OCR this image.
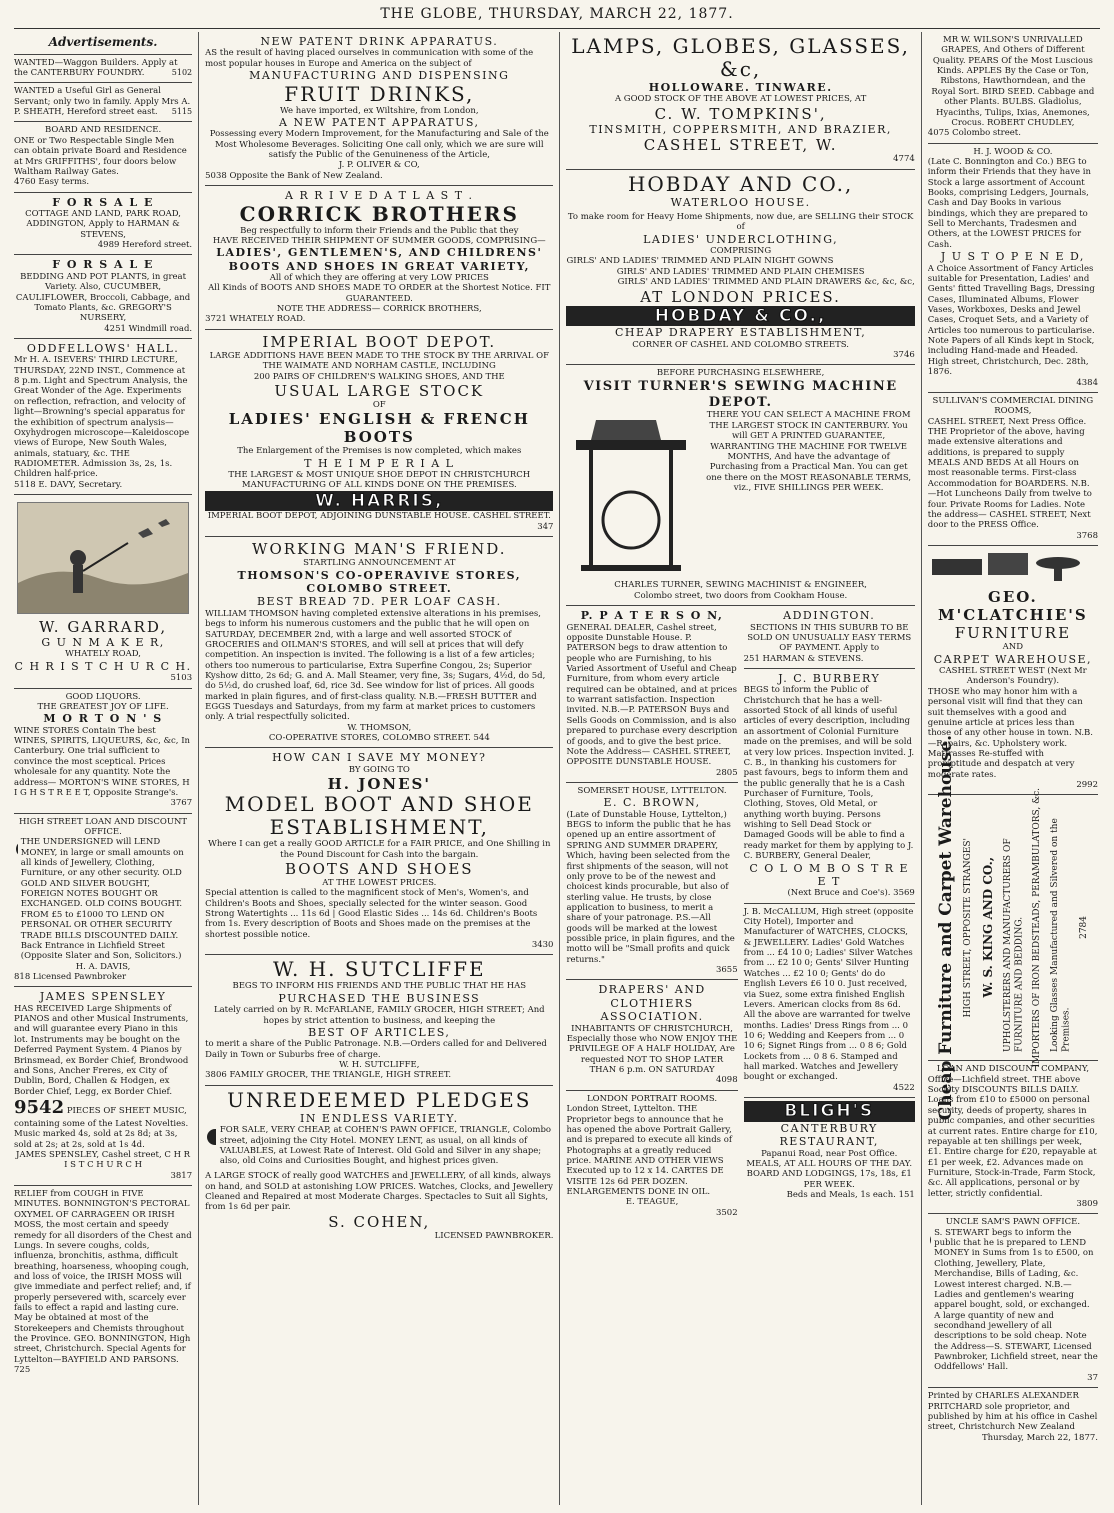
THE GLOBE, THURSDAY, MARCH 22, 1877.
Advertisements.
WANTED—Waggon Builders. Apply at the CANTERBURY FOUNDRY.	5102
WANTED a Useful Girl as General Servant; only two in family. Apply Mrs A. P. SHEATH, Hereford street east. 5115
BOARD AND RESIDENCE.
ONE or Two Respectable Single Men can obtain private Board and Residence at Mrs GRIFFITHS', four doors below Waltham Railway Gates.
4760 Easy terms.
F O R S A L E
COTTAGE AND LAND, PARK ROAD, ADDINGTON, Apply to HARMAN & STEVENS,
4989 Hereford street.
F O R S A L E
BEDDING AND POT PLANTS, in great Variety. Also, CUCUMBER, CAULIFLOWER, Broccoli, Cabbage, and Tomato Plants, &c. GREGORY'S NURSERY,
4251 Windmill road.
ODDFELLOWS' HALL.
Mr H. A. ISEVERS' THIRD LECTURE, THURSDAY, 22ND INST., Commence at 8 p.m. Light and Spectrum Analysis, the Great Wonder of the Age. Experiments on reflection, refraction, and velocity of light—Browning's special apparatus for the exhibition of spectrum analysis—Oxyhydrogen microscope—Kaleidoscope views of Europe, New South Wales, animals, statuary, &c. THE RADIOMETER. Admission 3s, 2s, 1s. Children half-price.
5118 E. DAVY, Secretary.
W. GARRARD,
G U N M A K E R,
WHATELY ROAD,
C H R I S T C H U R C H.
5103
GOOD LIQUORS.
THE GREATEST JOY OF LIFE.
M O R T O N ' S
WINE STORES Contain The best WINES, SPIRITS, LIQUEURS, &c, &c, In Canterbury. One trial sufficient to convince the most sceptical. Prices wholesale for any quantity. Note the address— MORTON'S WINE STORES, H I G H S T R E E T, Opposite Strange's.
3767
HIGH STREET LOAN AND DISCOUNT OFFICE.
THE UNDERSIGNED will LEND MONEY, in large or small amounts on all kinds of Jewellery, Clothing, Furniture, or any other security. OLD GOLD AND SILVER BOUGHT, FOREIGN NOTES BOUGHT OR EXCHANGED. OLD COINS BOUGHT. FROM £5 to £1000 TO LEND ON PERSONAL OR OTHER SECURITY TRADE BILLS DISCOUNTED DAILY. Back Entrance in Lichfield Street (Opposite Slater and Son, Solicitors.)
H. A. DAVIS,
818 Licensed Pawnbroker
JAMES SPENSLEY
HAS RECEIVED Large Shipments of PIANOS and other Musical Instruments, and will guarantee every Piano in this lot. Instruments may be bought on the Deferred Payment System. 4 Pianos by Brinsmead, ex Border Chief, Brondwood and Sons, Ancher Freres, ex City of Dublin, Bord, Challen & Hodgen, ex Border Chief, Legg, ex Border Chief.
9542 PIECES OF SHEET MUSIC, containing some of the Latest Novelties. Music marked 4s, sold at 2s 8d; at 3s, sold at 2s; at 2s, sold at 1s 4d.
JAMES SPENSLEY, Cashel street, C H R I S T C H U R C H
3817
RELIEF from COUGH in FIVE MINUTES. BONNINGTON'S PECTORAL OXYMEL OF CARRAGEEN OR IRISH MOSS, the most certain and speedy remedy for all disorders of the Chest and Lungs. In severe coughs, colds, influenza, bronchitis, asthma, difficult breathing, hoarseness, whooping cough, and loss of voice, the IRISH MOSS will give immediate and perfect relief; and, if properly persevered with, scarcely ever fails to effect a rapid and lasting cure. May be obtained at most of the Storekeepers and Chemists throughout the Province. GEO. BONNINGTON, High street, Christchurch. Special Agents for Lyttelton—BAYFIELD AND PARSONS.
725
NEW PATENT DRINK APPARATUS.
AS the result of having placed ourselves in communication with some of the most popular houses in Europe and America on the subject of
MANUFACTURING AND DISPENSING
FRUIT DRINKS,
We have imported, ex Wiltshire, from London,
A NEW PATENT APPARATUS,
Possessing every Modern Improvement, for the Manufacturing and Sale of the Most Wholesome Beverages. Soliciting One call only, which we are sure will satisfy the Public of the Genuineness of the Article,
J. P. OLIVER & CO,
5038 Opposite the Bank of New Zealand.
A R R I V E D A T L A S T .
CORRICK BROTHERS
Beg respectfully to inform their Friends and the Public that they
HAVE RECEIVED THEIR SHIPMENT OF SUMMER GOODS, COMPRISING—
LADIES', GENTLEMEN'S, AND CHILDRENS'
BOOTS AND SHOES IN GREAT VARIETY,
All of which they are offering at very LOW PRICES
All Kinds of BOOTS AND SHOES MADE TO ORDER at the Shortest Notice. FIT GUARANTEED.
NOTE THE ADDRESS— CORRICK BROTHERS,
3721 WHATELY ROAD.
IMPERIAL BOOT DEPOT.
LARGE ADDITIONS HAVE BEEN MADE TO THE STOCK BY THE ARRIVAL OF THE WAIMATE AND NORHAM CASTLE, INCLUDING
200 PAIRS OF CHILDREN'S WALKING SHOES, AND THE
USUAL LARGE STOCK
OF
LADIES' ENGLISH & FRENCH BOOTS
The Enlargement of the Premises is now completed, which makes
T H E I M P E R I A L
THE LARGEST & MOST UNIQUE SHOE DEPOT IN CHRISTCHURCH
MANUFACTURING OF ALL KINDS DONE ON THE PREMISES.
W. HARRIS,
IMPERIAL BOOT DEPOT, ADJOINING DUNSTABLE HOUSE. CASHEL STREET.
347
WORKING MAN'S FRIEND.
STARTLING ANNOUNCEMENT AT
THOMSON'S CO-OPERAVIVE STORES, COLOMBO STREET.
BEST BREAD 7D. PER LOAF CASH.
WILLIAM THOMSON having completed extensive alterations in his premises, begs to inform his numerous customers and the public that he will open on SATURDAY, DECEMBER 2nd, with a large and well assorted STOCK of GROCERIES and OILMAN'S STORES, and will sell at prices that will defy competition. An inspection is invited. The following is a list of a few articles; others too numerous to particularise, Extra Superfine Congou, 2s; Superior Kyshow ditto, 2s 6d; G. and A. Mall Steamer, very fine, 3s; Sugars, 4½d, do 5d, do 5½d, do crushed loaf, 6d, rice 3d. See window for list of prices. All goods marked in plain figures, and of first-class quality. N.B.—FRESH BUTTER and EGGS Tuesdays and Saturdays, from my farm at market prices to customers only. A trial respectfully solicited.
W. THOMSON,
CO-OPERATIVE STORES, COLOMBO STREET. 544
HOW CAN I SAVE MY MONEY?
BY GOING TO
H. JONES'
MODEL BOOT AND SHOE
ESTABLISHMENT,
Where I can get a really GOOD ARTICLE for a FAIR PRICE, and One Shilling in the Pound Discount for Cash into the bargain.
BOOTS AND SHOES
AT THE LOWEST PRICES.
Special attention is called to the magnificent stock of Men's, Women's, and Children's Boots and Shoes, specially selected for the winter season. Good Strong Watertights ... 11s 6d | Good Elastic Sides ... 14s 6d. Children's Boots from 1s. Every description of Boots and Shoes made on the premises at the shortest possible notice.
3430
W. H. SUTCLIFFE
BEGS TO INFORM HIS FRIENDS AND THE PUBLIC THAT HE HAS
PURCHASED THE BUSINESS
Lately carried on by R. McFARLANE, FAMILY GROCER, HIGH STREET; And hopes by strict attention to business, and keeping the
BEST OF ARTICLES,
to merit a share of the Public Patronage. N.B.—Orders called for and Delivered Daily in Town or Suburbs free of charge.
W. H. SUTCLIFFE,
3806 FAMILY GROCER, THE TRIANGLE, HIGH STREET.
UNREDEEMED PLEDGES
IN ENDLESS VARIETY.
FOR SALE, VERY CHEAP, at COHEN'S PAWN OFFICE, TRIANGLE, Colombo street, adjoining the City Hotel. MONEY LENT, as usual, on all kinds of VALUABLES, at Lowest Rate of Interest. Old Gold and Silver in any shape; also, old Coins and Curiosities Bought, and highest prices given.
A LARGE STOCK of really good WATCHES and JEWELLERY, of all kinds, always on hand, and SOLD at astonishing LOW PRICES. Watches, Clocks, and Jewellery Cleaned and Repaired at most Moderate Charges. Spectacles to Suit all Sights, from 1s 6d per pair.
S. COHEN,
LICENSED PAWNBROKER.
LAMPS, GLOBES, GLASSES, &c,
HOLLOWARE. TINWARE.
A GOOD STOCK OF THE ABOVE AT LOWEST PRICES, AT
C. W. TOMPKINS',
TINSMITH, COPPERSMITH, AND BRAZIER,
CASHEL STREET, W.
4774
HOBDAY AND CO.,
WATERLOO HOUSE.
To make room for Heavy Home Shipments, now due, are SELLING their STOCK of
LADIES' UNDERCLOTHING,
COMPRISING
GIRLS' AND LADIES' TRIMMED AND PLAIN NIGHT GOWNS
GIRLS' AND LADIES' TRIMMED AND PLAIN CHEMISES
GIRLS' AND LADIES' TRIMMED AND PLAIN DRAWERS &c, &c, &c,
AT LONDON PRICES.
HOBDAY & CO.,
CHEAP DRAPERY ESTABLISHMENT,
CORNER OF CASHEL AND COLOMBO STREETS.
3746
BEFORE PURCHASING ELSEWHERE,
VISIT TURNER'S SEWING MACHINE DEPOT.
THERE YOU CAN SELECT A MACHINE FROM THE LARGEST STOCK IN CANTERBURY. You will GET A PRINTED GUARANTEE, WARRANTING THE MACHINE FOR TWELVE MONTHS, And have the advantage of Purchasing from a Practical Man. You can get one there on the MOST REASONABLE TERMS, viz., FIVE SHILLINGS PER WEEK.
CHARLES TURNER, SEWING MACHINIST & ENGINEER,
Colombo street, two doors from Cookham House.
P. P A T E R S O N,
GENERAL DEALER, Cashel street, opposite Dunstable House. P. PATERSON begs to draw attention to people who are Furnishing, to his Varied Assortment of Useful and Cheap Furniture, from whom every article required can be obtained, and at prices to warrant satisfaction. Inspection invited. N.B.—P. PATERSON Buys and Sells Goods on Commission, and is also prepared to purchase every description of goods, and to give the best price. Note the Address— CASHEL STREET, OPPOSITE DUNSTABLE HOUSE.
2805
SOMERSET HOUSE, LYTTELTON.
E. C. BROWN,
(Late of Dunstable House, Lyttelton,) BEGS to inform the public that he has opened up an entire assortment of SPRING AND SUMMER DRAPERY, Which, having been selected from the first shipments of the season, will not only prove to be of the newest and choicest kinds procurable, but also of sterling value. He trusts, by close application to business, to merit a share of your patronage. P.S.—All goods will be marked at the lowest possible price, in plain figures, and the motto will be "Small profits and quick returns."
3655
DRAPERS' AND CLOTHIERS ASSOCIATION.
INHABITANTS OF CHRISTCHURCH, Especially those who NOW ENJOY THE PRIVILEGE OF A HALF HOLIDAY, Are requested NOT TO SHOP LATER THAN 6 p.m. ON SATURDAY
4098
LONDON PORTRAIT ROOMS.
London Street, Lyttelton. THE Proprietor begs to announce that he has opened the above Portrait Gallery, and is prepared to execute all kinds of Photographs at a greatly reduced price. MARINE AND OTHER VIEWS Executed up to 12 x 14. CARTES DE VISITE 12s 6d PER DOZEN. ENLARGEMENTS DONE IN OIL.
E. TEAGUE,
3502
ADDINGTON.
SECTIONS IN THIS SUBURB TO BE SOLD ON UNUSUALLY EASY TERMS OF PAYMENT. Apply to
251 HARMAN & STEVENS.
J. C. BURBERY
BEGS to inform the Public of Christchurch that he has a well-assorted Stock of all kinds of useful articles of every description, including an assortment of Colonial Furniture made on the premises, and will be sold at very low prices. Inspection invited. J. C. B., in thanking his customers for past favours, begs to inform them and the public generally that he is a Cash Purchaser of Furniture, Tools, Clothing, Stoves, Old Metal, or anything worth buying. Persons wishing to Sell Dead Stock or Damaged Goods will be able to find a ready market for them by applying to J. C. BURBERY, General Dealer,
C O L O M B O S T R E E T
(Next Bruce and Coe's). 3569
J. B. McCALLUM, High street (opposite City Hotel), Importer and Manufacturer of WATCHES, CLOCKS, & JEWELLERY. Ladies' Gold Watches from ... £4 10 0; Ladies' Silver Watches from ... £2 10 0; Gents' Silver Hunting Watches ... £2 10 0; Gents' do do English Levers £6 10 0. Just received, via Suez, some extra finished English Levers. American clocks from 8s 6d. All the above are warranted for twelve months. Ladies' Dress Rings from ... 0 10 6; Wedding and Keepers from ... 0 10 6; Signet Rings from ... 0 8 6; Gold Lockets from ... 0 8 6. Stamped and hall marked. Watches and Jewellery bought or exchanged.
4522
BLIGH'S
CANTERBURY RESTAURANT,
Papanui Road, near Post Office. MEALS, AT ALL HOURS OF THE DAY. BOARD AND LODGINGS, 17s, 18s, £1 PER WEEK.
Beds and Meals, 1s each. 151
MR W. WILSON'S UNRIVALLED GRAPES, And Others of Different Quality. PEARS Of the Most Luscious Kinds. APPLES By the Case or Ton, Ribstons, Hawthorndean, and the Royal Sort. BIRD SEED. Cabbage and other Plants. BULBS. Gladiolus, Hyacinths, Tulips, Ixias, Anemones, Crocus. ROBERT CHUDLEY,
4075 Colombo street.
H. J. WOOD & CO.
(Late C. Bonnington and Co.) BEG to inform their Friends that they have in Stock a large assortment of Account Books, comprising Ledgers, Journals, Cash and Day Books in various bindings, which they are prepared to Sell to Merchants, Tradesmen and Others, at the LOWEST PRICES for Cash.
J U S T O P E N E D,
A Choice Assortment of Fancy Articles suitable for Presentation, Ladies' and Gents' fitted Travelling Bags, Dressing Cases, Illuminated Albums, Flower Vases, Workboxes, Desks and Jewel Cases, Croquet Sets, and a Variety of Articles too numerous to particularise. Note Papers of all Kinds kept in Stock, including Hand-made and Headed. High street, Christchurch, Dec. 28th, 1876.
4384
SULLIVAN'S COMMERCIAL DINING ROOMS,
CASHEL STREET, Next Press Office. THE Proprietor of the above, having made extensive alterations and additions, is prepared to supply MEALS AND BEDS At all Hours on most reasonable terms. First-class Accommodation for BOARDERS. N.B.—Hot Luncheons Daily from twelve to four. Private Rooms for Ladies. Note the address— CASHEL STREET, Next door to the PRESS Office.
3768
GEO. M'CLATCHIE'S
FURNITURE
AND
CARPET WAREHOUSE,
CASHEL STREET WEST (Next Mr Anderson's Foundry).
THOSE who may honor him with a personal visit will find that they can suit themselves with a good and genuine article at prices less than those of any other house in town. N.B.—Repairs, &c. Upholstery work. Mattrasses Re-stuffed with promptitude and despatch at very moderate rates.
2992
Cheap Furniture and Carpet Warehouse. HIGH STREET, OPPOSITE STRANGES' W. S. KING AND CO., UPHOLSTERERS AND MANUFACTURERS OF FURNITURE AND BEDDING. IMPORTERS OF IRON BEDSTEADS, PERAMBULATORS, &c. Looking Glasses Manufactured and Silvered on the Premises.
2784
LOAN AND DISCOUNT COMPANY,
Office—Lichfield street. THE above Society DISCOUNTS BILLS DAILY. Loans from £10 to £5000 on personal security, deeds of property, shares in public companies, and other securities at current rates. Entire charge for £10, repayable at ten shillings per week, £1. Entire charge for £20, repayable at £1 per week, £2. Advances made on Furniture, Stock-in-Trade, Farm Stock, &c. All applications, personal or by letter, strictly confidential.
3809
UNCLE SAM'S PAWN OFFICE.
S. STEWART begs to inform the public that he is prepared to LEND MONEY in Sums from 1s to £500, on Clothing, Jewellery, Plate, Merchandise, Bills of Lading, &c. Lowest interest charged. N.B.—Ladies and gentlemen's wearing apparel bought, sold, or exchanged. A large quantity of new and secondhand jewellery of all descriptions to be sold cheap. Note the Address—S. STEWART, Licensed Pawnbroker, Lichfield street, near the Oddfellows' Hall.
37
Printed by CHARLES ALEXANDER PRITCHARD sole proprietor, and published by him at his office in Cashel street, Christchurch New Zealand
Thursday, March 22, 1877.
